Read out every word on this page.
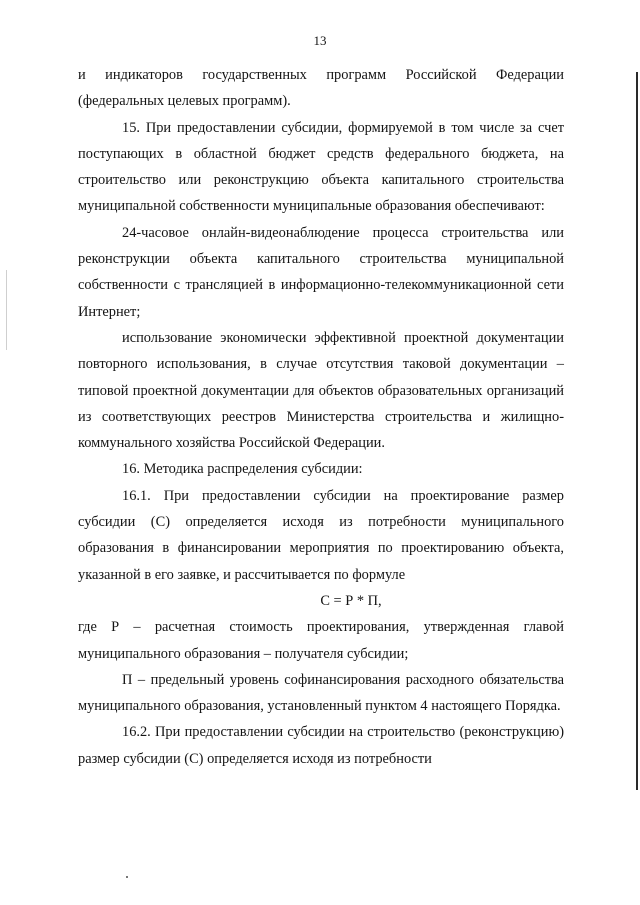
13

и индикаторов государственных программ Российской Федерации (федеральных целевых программ).

15. При предоставлении субсидии, формируемой в том числе за счет поступающих в областной бюджет средств федерального бюджета, на строительство или реконструкцию объекта капитального строительства муниципальной собственности муниципальные образования обеспечивают:

24-часовое онлайн-видеонаблюдение процесса строительства или реконструкции объекта капитального строительства муниципальной собственности с трансляцией в информационно-телекоммуникационной сети Интернет;

использование экономически эффективной проектной документации повторного использования, в случае отсутствия таковой документации – типовой проектной документации для объектов образовательных организаций из соответствующих реестров Министерства строительства и жилищно-коммунального хозяйства Российской Федерации.

16. Методика распределения субсидии:

16.1. При предоставлении субсидии на проектирование размер субсидии (С) определяется исходя из потребности муниципального образования в финансировании мероприятия по проектированию объекта, указанной в его заявке, и рассчитывается по формуле

С = Р * П,

где Р – расчетная стоимость проектирования, утвержденная главой муниципального образования – получателя субсидии;

П – предельный уровень софинансирования расходного обязательства муниципального образования, установленный пунктом 4 настоящего Порядка.

16.2. При предоставлении субсидии на строительство (реконструкцию) размер субсидии (С) определяется исходя из потребности
